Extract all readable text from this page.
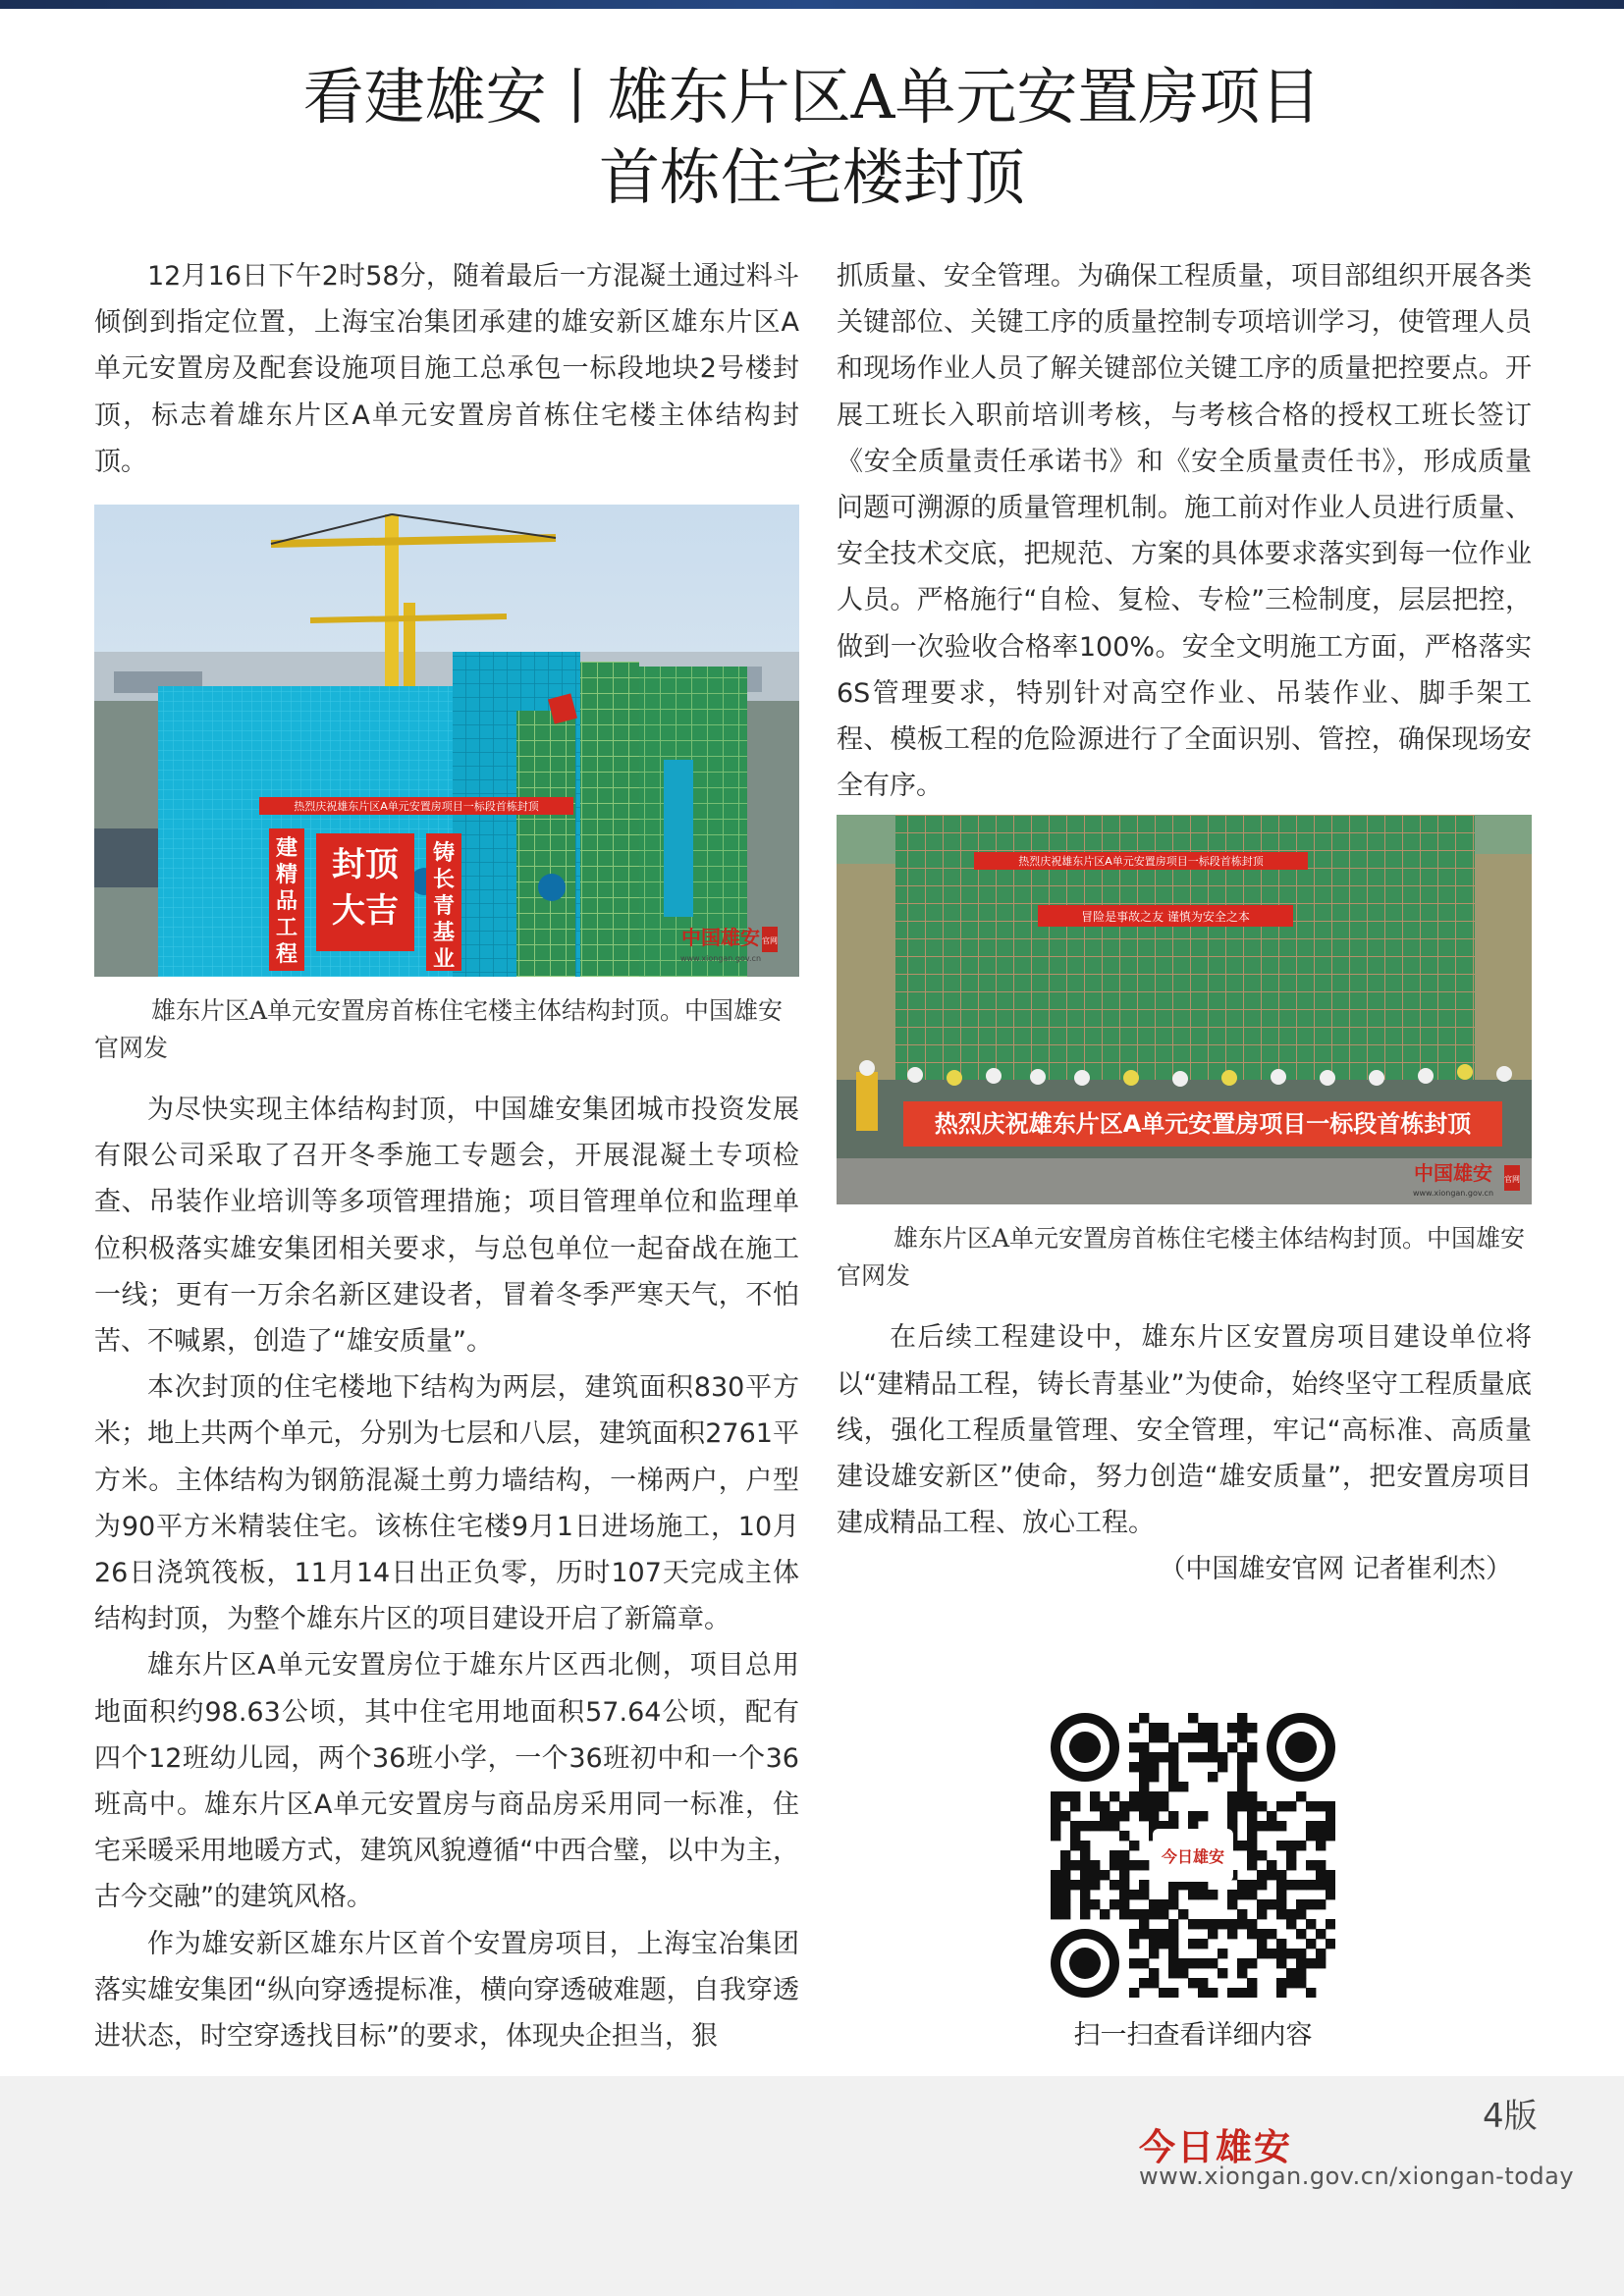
看建雄安丨雄东片区A单元安置房项目
首栋住宅楼封顶

12月16日下午2时58分，随着最后一方混凝土通过料斗倾倒到指定位置，上海宝冶集团承建的雄安新区雄东片区A单元安置房及配套设施项目施工总承包一标段地块2号楼封顶，标志着雄东片区A单元安置房首栋住宅楼主体结构封顶。

热烈庆祝雄东片区A单元安置房项目一标段首栋封顶
封顶
大吉
中国雄安
www.xiongan.gov.cn
官网
建精品工程
铸长青基业

雄东片区A单元安置房首栋住宅楼主体结构封顶。中国雄安官网发

为尽快实现主体结构封顶，中国雄安集团城市投资发展有限公司采取了召开冬季施工专题会，开展混凝土专项检查、吊装作业培训等多项管理措施；项目管理单位和监理单位积极落实雄安集团相关要求，与总包单位一起奋战在施工一线；更有一万余名新区建设者，冒着冬季严寒天气，不怕苦、不喊累，创造了“雄安质量”。

本次封顶的住宅楼地下结构为两层，建筑面积830平方米；地上共两个单元，分别为七层和八层，建筑面积2761平方米。主体结构为钢筋混凝土剪力墙结构，一梯两户，户型为90平方米精装住宅。该栋住宅楼9月1日进场施工，10月26日浇筑筏板，11月14日出正负零，历时107天完成主体结构封顶，为整个雄东片区的项目建设开启了新篇章。

雄东片区A单元安置房位于雄东片区西北侧，项目总用地面积约98.63公顷，其中住宅用地面积57.64公顷，配有四个12班幼儿园，两个36班小学，一个36班初中和一个36班高中。雄东片区A单元安置房与商品房采用同一标准，住宅采暖采用地暖方式，建筑风貌遵循“中西合璧，以中为主，古今交融”的建筑风格。

作为雄安新区雄东片区首个安置房项目，上海宝冶集团落实雄安集团“纵向穿透提标准，横向穿透破难题，自我穿透进状态，时空穿透找目标”的要求，体现央企担当，狠

抓质量、安全管理。为确保工程质量，项目部组织开展各类关键部位、关键工序的质量控制专项培训学习，使管理人员和现场作业人员了解关键部位关键工序的质量把控要点。开展工班长入职前培训考核，与考核合格的授权工班长签订《安全质量责任承诺书》和《安全质量责任书》，形成质量问题可溯源的质量管理机制。施工前对作业人员进行质量、安全技术交底，把规范、方案的具体要求落实到每一位作业人员。严格施行“自检、复检、专检”三检制度，层层把控，做到一次验收合格率100%。安全文明施工方面，严格落实6S管理要求，特别针对高空作业、吊装作业、脚手架工程、模板工程的危险源进行了全面识别、管控，确保现场安全有序。

热烈庆祝雄东片区A单元安置房项目一标段首栋封顶
冒险是事故之友 谨慎为安全之本
热烈庆祝雄东片区A单元安置房项目一标段首栋封顶
中国雄安
www.xiongan.gov.cn
官网

雄东片区A单元安置房首栋住宅楼主体结构封顶。中国雄安官网发

在后续工程建设中，雄东片区安置房项目建设单位将以“建精品工程，铸长青基业”为使命，始终坚守工程质量底线，强化工程质量管理、安全管理，牢记“高标准、高质量建设雄安新区”使命，努力创造“雄安质量”，把安置房项目建成精品工程、放心工程。

（中国雄安官网 记者崔利杰）

今日雄安

扫一扫查看详细内容

今日雄安
4版
www.xiongan.gov.cn/xiongan-today
